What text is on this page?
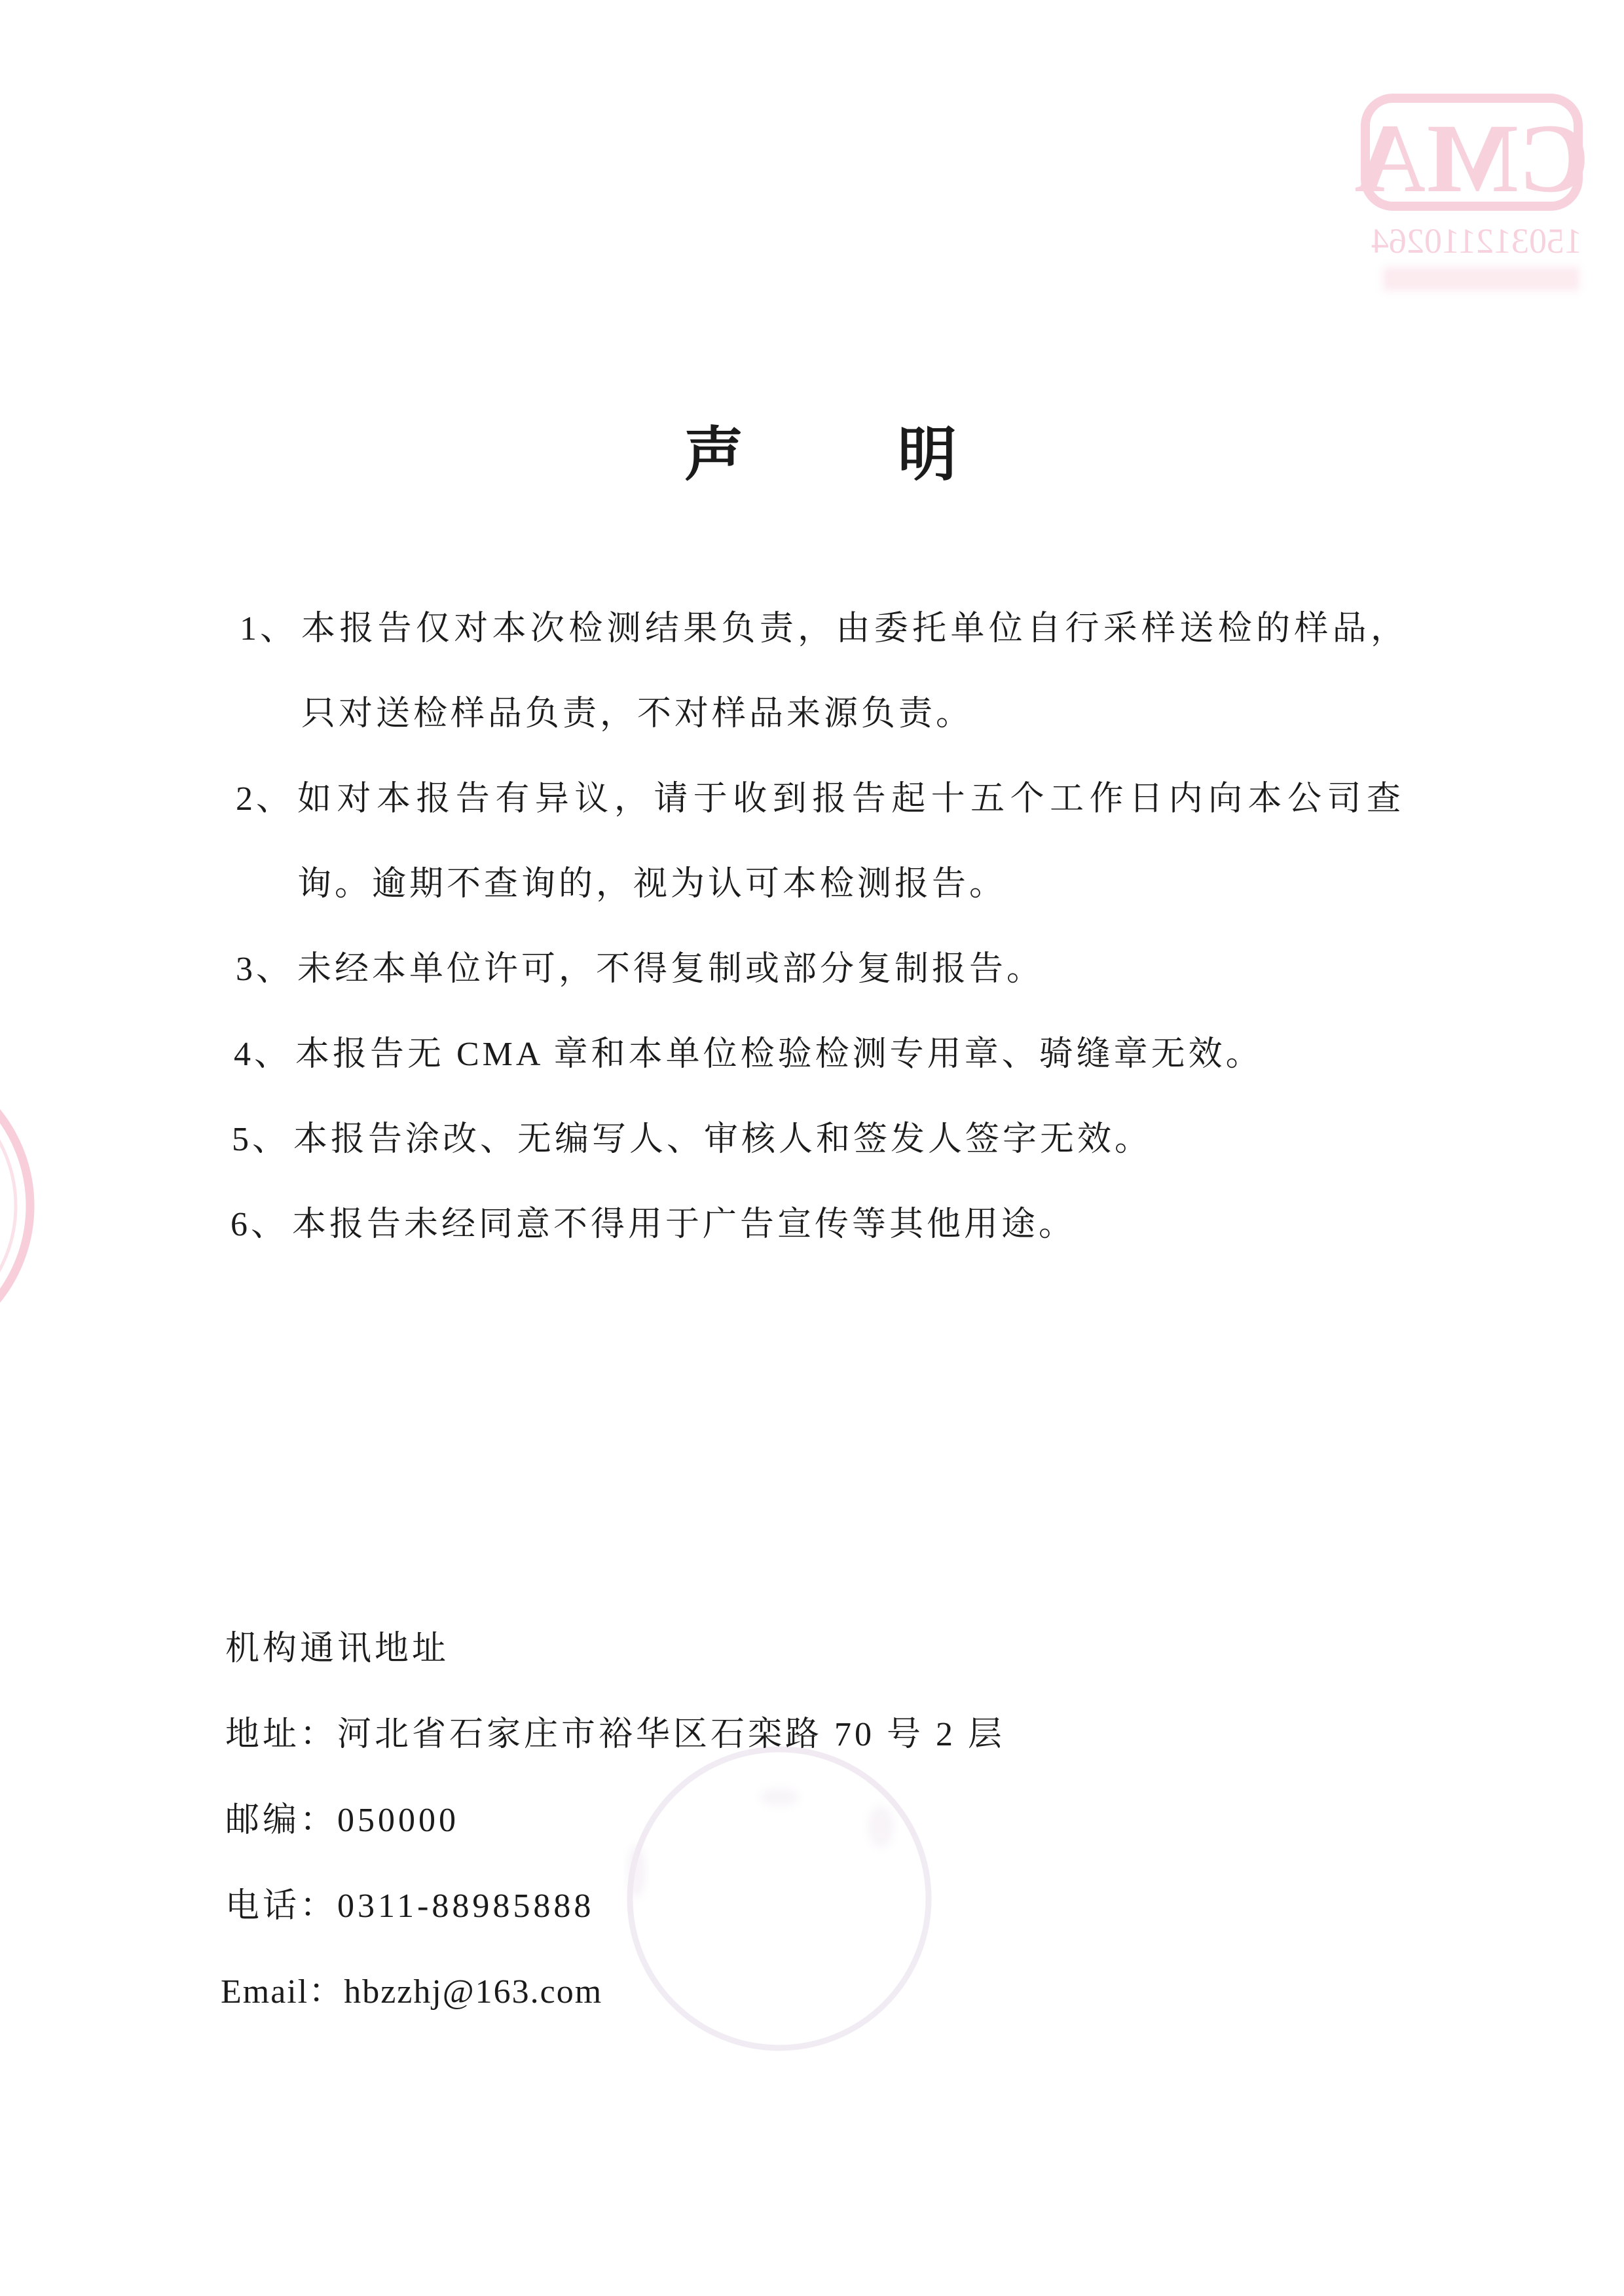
CMA
150312110264
声明
1、 本报告仅对本次检测结果负责，由委托单位自行采样送检的样品，
只对送检样品负责，不对样品来源负责。
2、 如对本报告有异议，请于收到报告起十五个工作日内向本公司查
询。逾期不查询的，视为认可本检测报告。
3、 未经本单位许可，不得复制或部分复制报告。
4、 本报告无 CMA 章和本单位检验检测专用章、骑缝章无效。
5、 本报告涂改、无编写人、审核人和签发人签字无效。
6、 本报告未经同意不得用于广告宣传等其他用途。
机构通讯地址
地址：河北省石家庄市裕华区石栾路 70 号 2 层
邮编：050000
电话：0311-88985888
Email：hbzzhj@163.com
